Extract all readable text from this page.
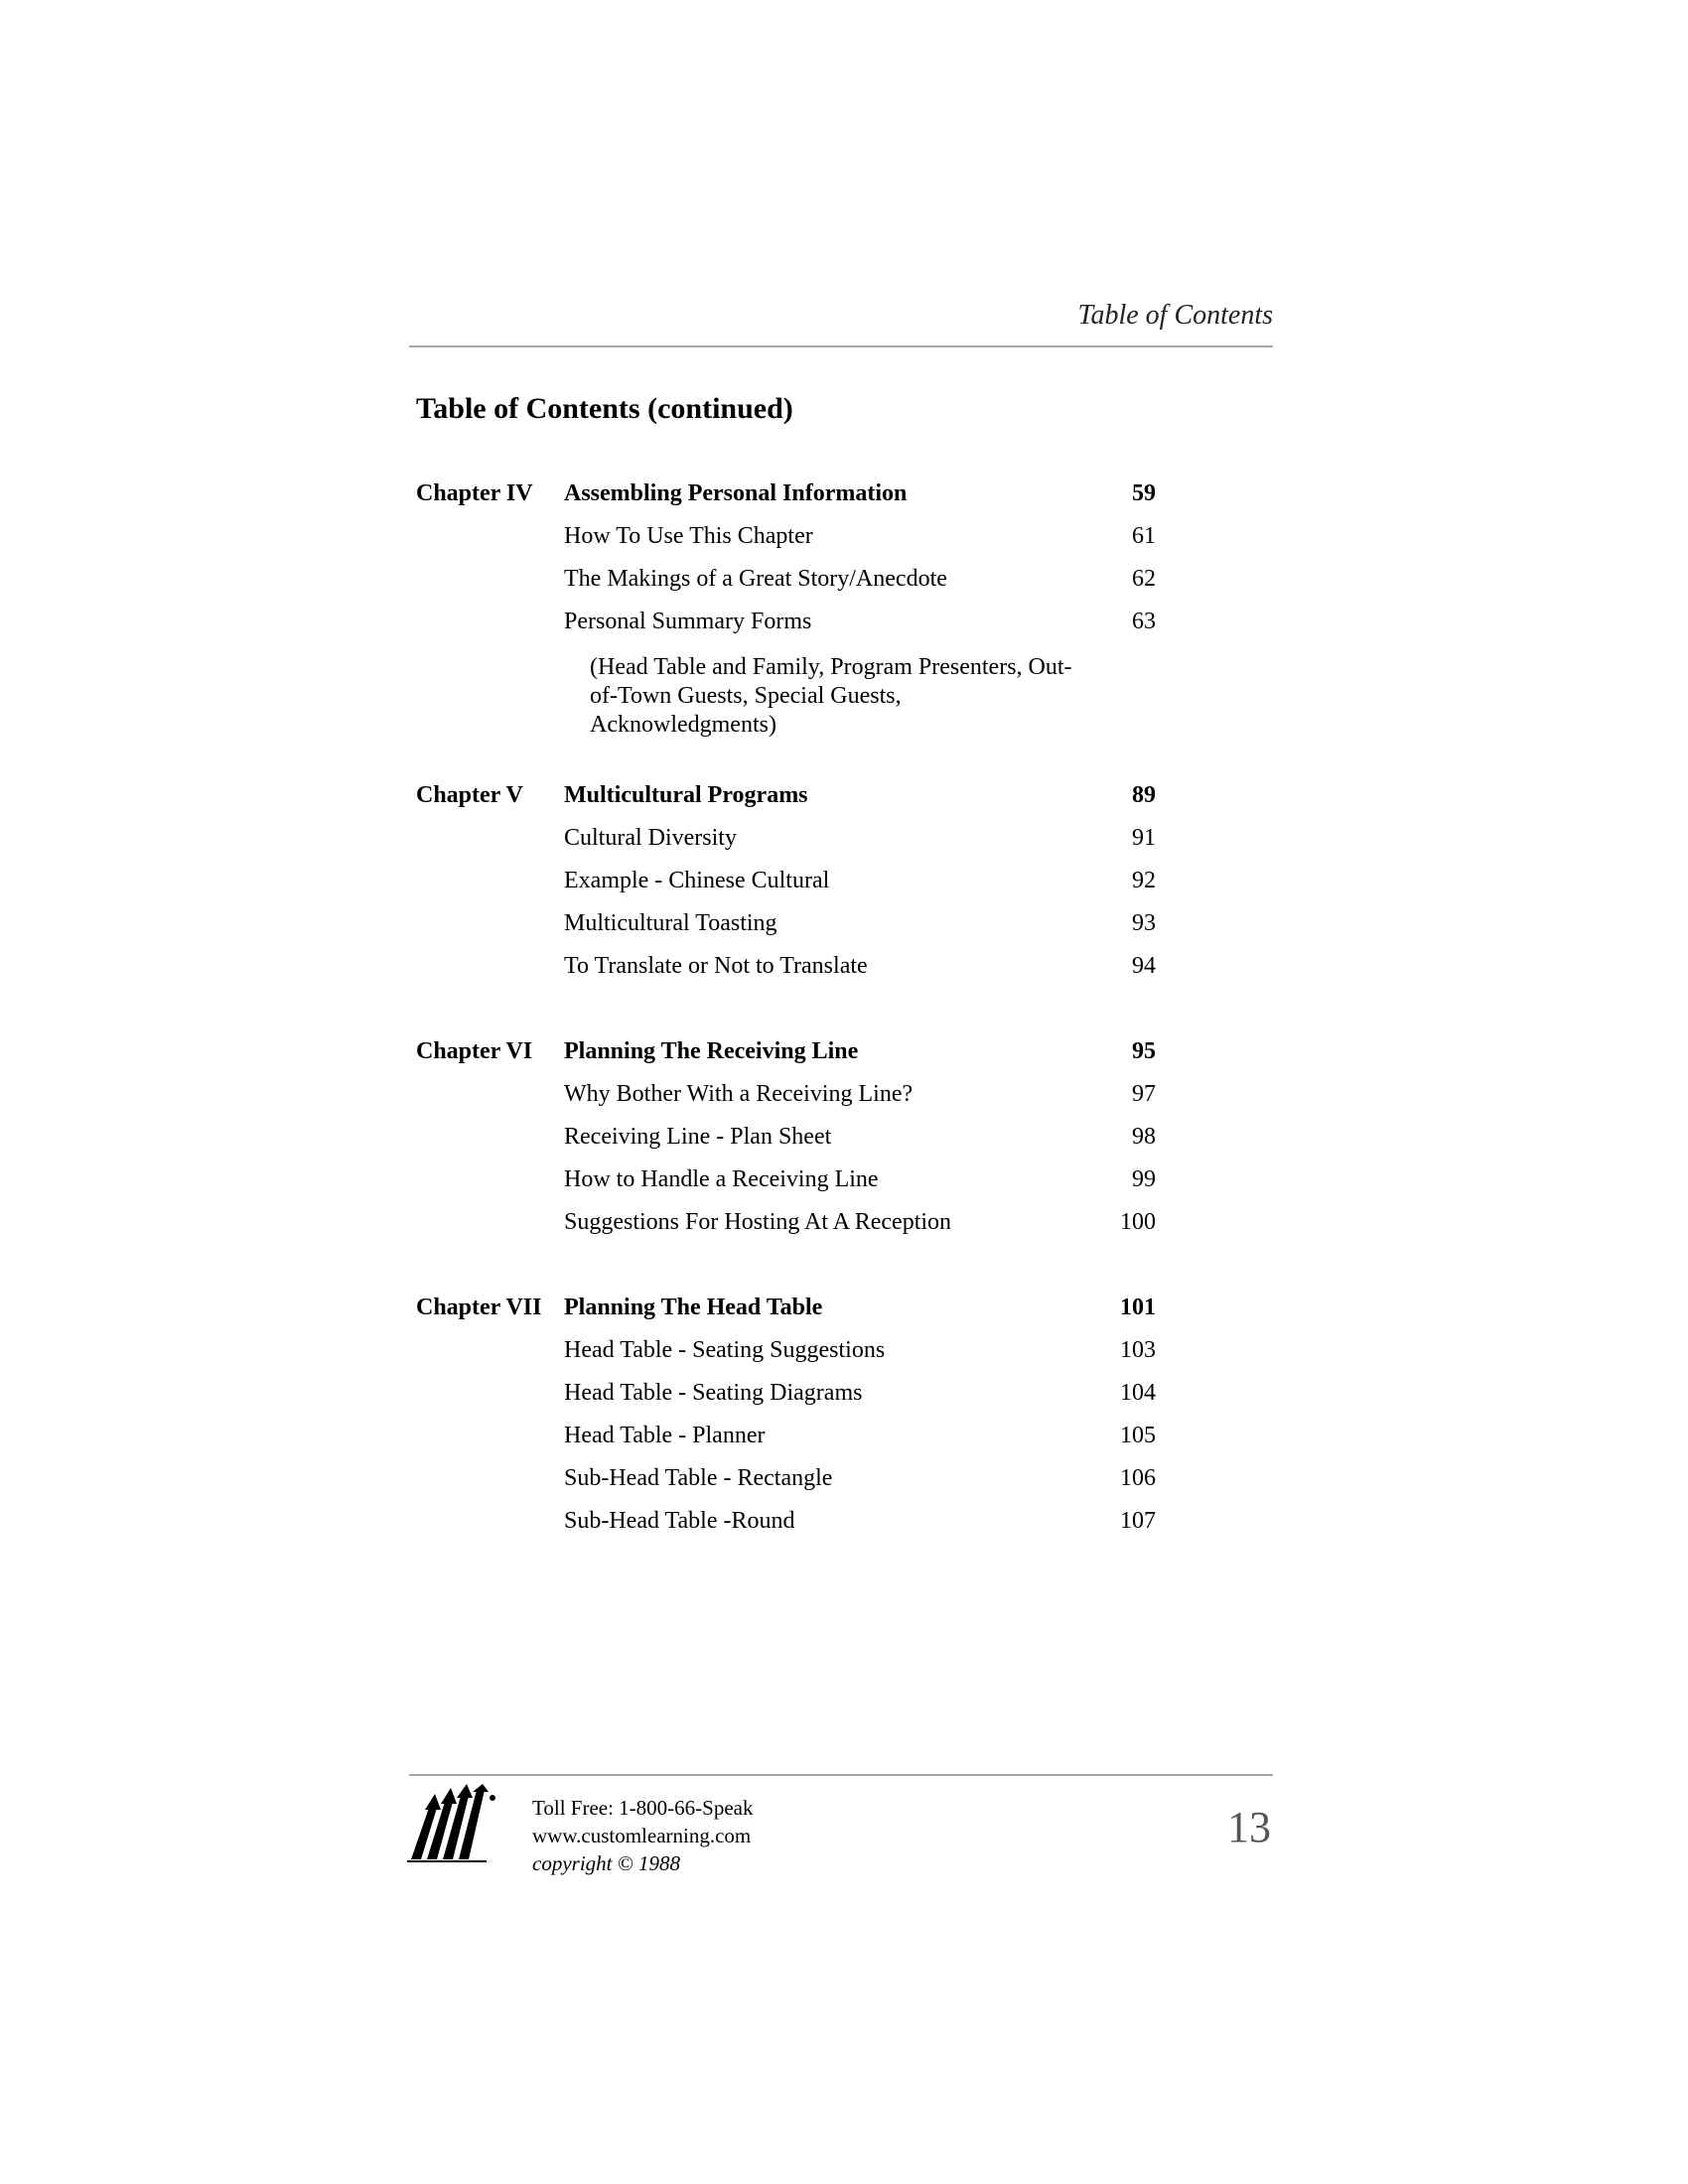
Table of Contents
Table of Contents (continued)
Chapter IV	Assembling Personal Information	59
How To Use This Chapter	61
The Makings of a Great Story/Anecdote	62
Personal Summary Forms	63
(Head Table and Family, Program Presenters, Out-of-Town Guests, Special Guests, Acknowledgments)
Chapter V	Multicultural Programs	89
Cultural Diversity	91
Example - Chinese Cultural	92
Multicultural Toasting	93
To Translate or Not to Translate	94
Chapter VI	Planning The Receiving Line	95
Why Bother With a Receiving Line?	97
Receiving Line - Plan Sheet	98
How to Handle a Receiving Line	99
Suggestions For Hosting At A Reception	100
Chapter VII Planning The Head Table	101
Head Table - Seating Suggestions	103
Head Table - Seating Diagrams	104
Head Table - Planner	105
Sub-Head Table - Rectangle	106
Sub-Head Table -Round	107
Toll Free: 1-800-66-Speak
www.customlearning.com
copyright © 1988
13
